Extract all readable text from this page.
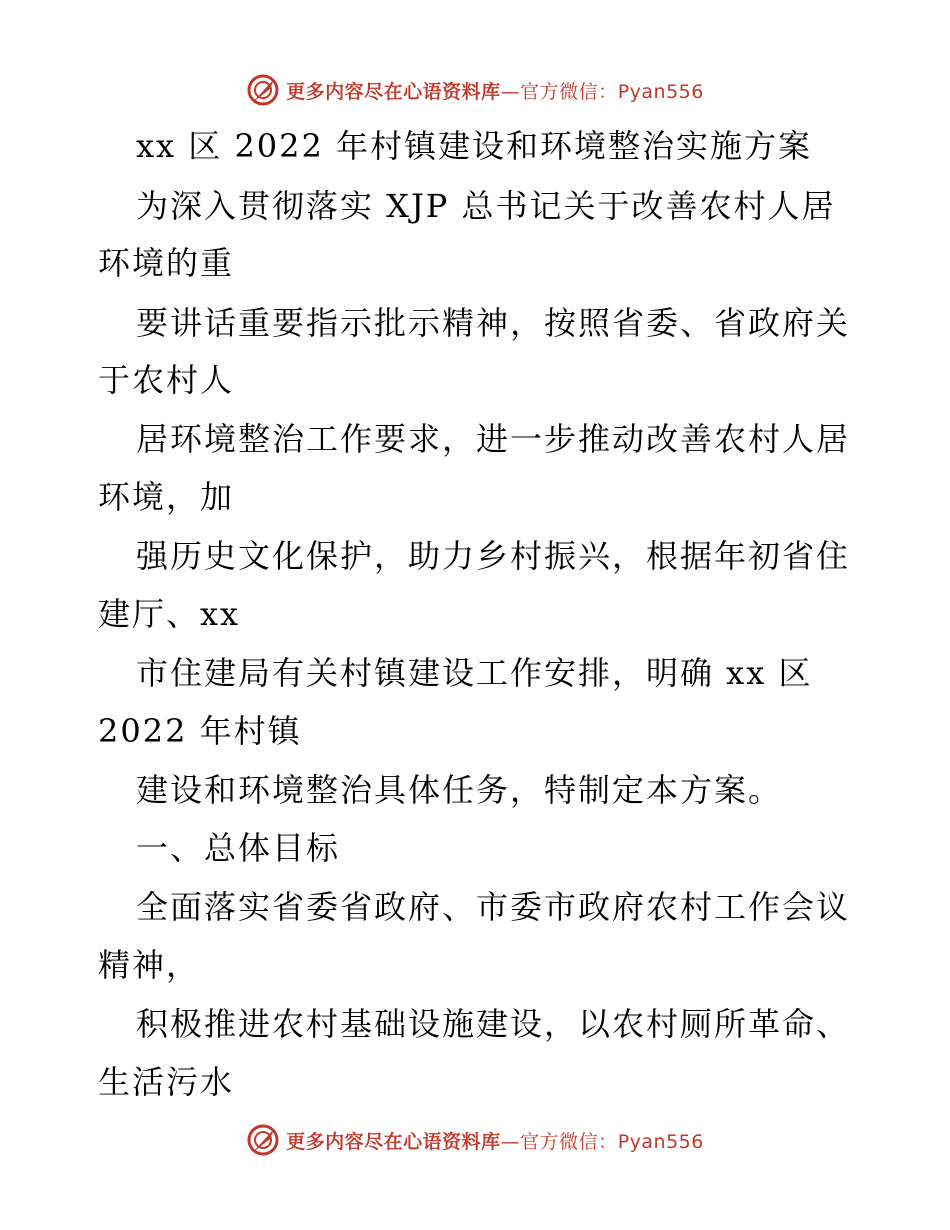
更多内容尽在心语资料库—官方微信：Pyan556
xx 区 2022 年村镇建设和环境整治实施方案
为深入贯彻落实 XJP 总书记关于改善农村人居
环境的重
要讲话重要指示批示精神，按照省委、省政府关
于农村人
居环境整治工作要求，进一步推动改善农村人居
环境，加
强历史文化保护，助力乡村振兴，根据年初省住
建厅、xx
市住建局有关村镇建设工作安排，明确 xx 区
2022 年村镇
建设和环境整治具体任务，特制定本方案。
一、总体目标
全面落实省委省政府、市委市政府农村工作会议
精神，
积极推进农村基础设施建设，以农村厕所革命、
生活污水
更多内容尽在心语资料库—官方微信：Pyan556
